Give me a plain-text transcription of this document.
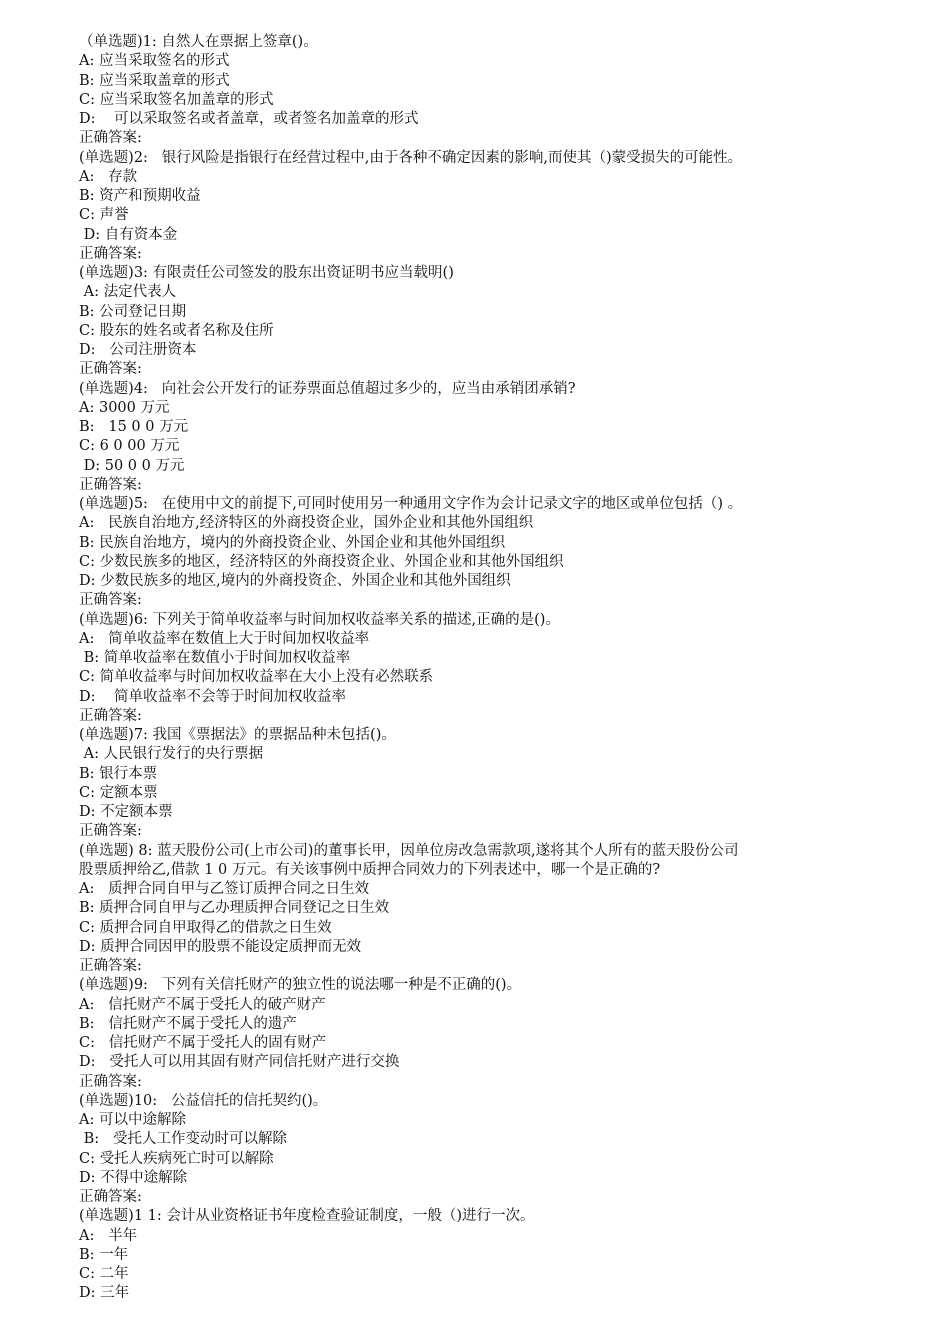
（单选题)1: 自然人在票据上签章()。
A: 应当采取签名的形式
B: 应当采取盖章的形式
C: 应当采取签名加盖章的形式
D:    可以采取签名或者盖章，或者签名加盖章的形式
正确答案:
(单选题)2:   银行风险是指银行在经营过程中,由于各种不确定因素的影响,而使其（)蒙受损失的可能性。
A:   存款
B: 资产和预期收益
C: 声誉
D: 自有资本金
正确答案:
(单选题)3: 有限责任公司签发的股东出资证明书应当载明()
A: 法定代表人
B: 公司登记日期
C: 股东的姓名或者名称及住所
D:   公司注册资本
正确答案:
(单选题)4:   向社会公开发行的证券票面总值超过多少的，应当由承销团承销?
A: 3000 万元
B:   15 0 0 万元
C: 6 0 00 万元
D: 50 0 0 万元
正确答案:
(单选题)5:   在使用中文的前提下,可同时使用另一种通用文字作为会计记录文字的地区或单位包括（) 。
A:   民族自治地方,经济特区的外商投资企业，国外企业和其他外国组织
B: 民族自治地方，境内的外商投资企业、外国企业和其他外国组织
C: 少数民族多的地区，经济特区的外商投资企业、外国企业和其他外国组织
D: 少数民族多的地区,境内的外商投资企、外国企业和其他外国组织
正确答案:
(单选题)6: 下列关于简单收益率与时间加权收益率关系的描述,正确的是()。
A:   简单收益率在数值上大于时间加权收益率
B: 简单收益率在数值小于时间加权收益率
C: 简单收益率与时间加权收益率在大小上没有必然联系
D:    简单收益率不会等于时间加权收益率
正确答案:
(单选题)7: 我国《票据法》的票据品种未包括()。
A: 人民银行发行的央行票据
B: 银行本票
C: 定额本票
D: 不定额本票
正确答案:
(单选题) 8: 蓝天股份公司(上市公司)的董事长甲，因单位房改急需款项,遂将其个人所有的蓝天股份公司
股票质押给乙,借款 1 0 万元。有关该事例中质押合同效力的下列表述中，哪一个是正确的?
A:   质押合同自甲与乙签订质押合同之日生效
B: 质押合同自甲与乙办理质押合同登记之日生效
C: 质押合同自甲取得乙的借款之日生效
D: 质押合同因甲的股票不能设定质押而无效
正确答案:
(单选题)9:   下列有关信托财产的独立性的说法哪一种是不正确的()。
A:   信托财产不属于受托人的破产财产
B:   信托财产不属于受托人的遗产
C:   信托财产不属于受托人的固有财产
D:   受托人可以用其固有财产同信托财产进行交换
正确答案:
(单选题)10:   公益信托的信托契约()。
A: 可以中途解除
B:   受托人工作变动时可以解除
C: 受托人疾病死亡时可以解除
D: 不得中途解除
正确答案:
(单选题)1 1: 会计从业资格证书年度检查验证制度，一般（)进行一次。
A:   半年
B: 一年
C: 二年
D: 三年
